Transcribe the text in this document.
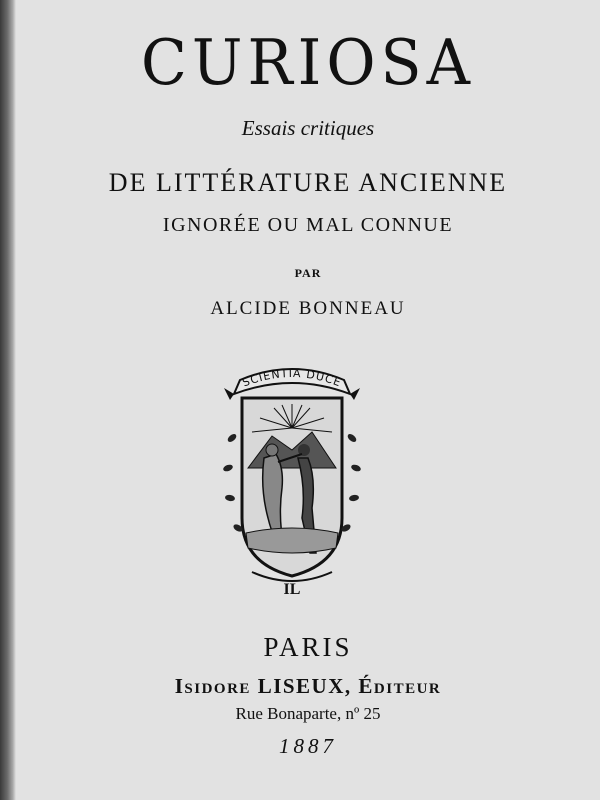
CURIOSA
Essais critiques
DE LITTÉRATURE ANCIENNE
IGNORÉE OU MAL CONNUE
PAR
ALCIDE BONNEAU
SCIENTIA DUCE
IL
PARIS
Isidore LISEUX, Éditeur
Rue Bonaparte, nº 25
1887
